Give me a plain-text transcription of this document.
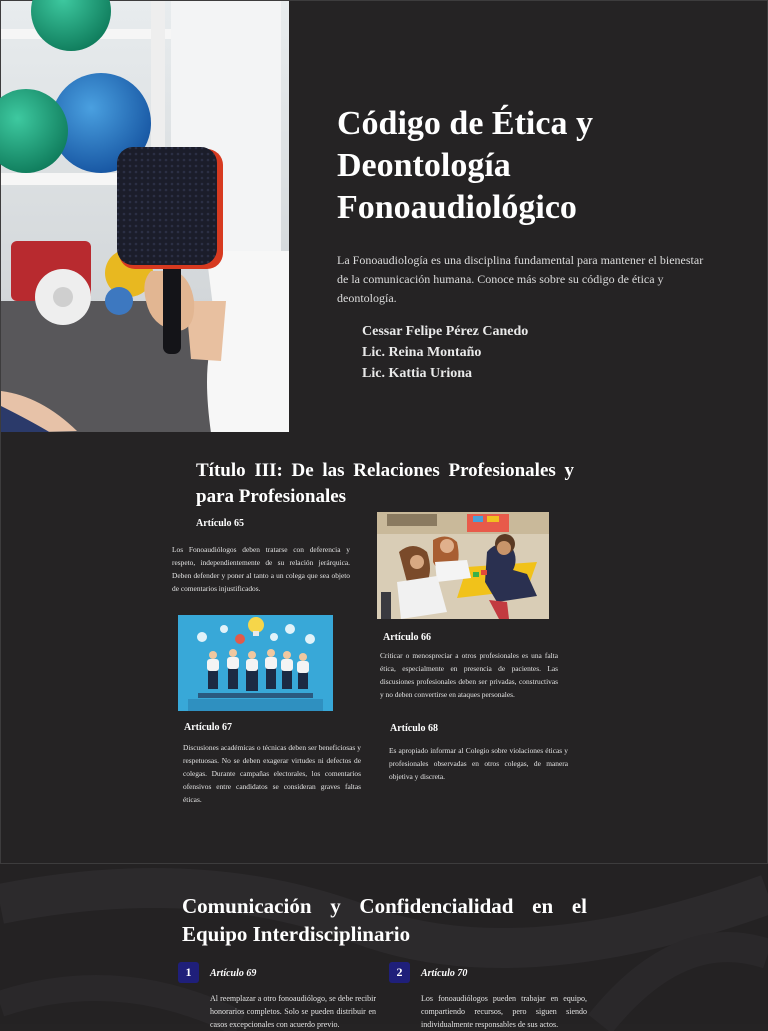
Código de Ética y
Deontología
Fonoaudiológico

La Fonoaudiología es una disciplina fundamental para mantener el bienestar de la comunicación humana. Conoce más sobre su código de ética y deontología.

Cessar Felipe Pérez Canedo
Lic. Reina Montaño
Lic. Kattia Uriona
Título III: De las Relaciones Profesionales y para Profesionales
Artículo 65

Los Fonoaudiólogos deben tratarse con deferencia y respeto, independientemente de su relación jerárquica. Deben defender y poner al tanto a un colega que sea objeto de comentarios injustificados.

Artículo 66

Criticar o menospreciar a otros profesionales es una falta ética, especialmente en presencia de pacientes. Las discusiones profesionales deben ser privadas, constructivas y no deben convertirse en ataques personales.

Artículo 67

Discusiones académicas o técnicas deben ser beneficiosas y respetuosas. No se deben exagerar virtudes ni defectos de colegas. Durante campañas electorales, los comentarios ofensivos entre candidatos se consideran graves faltas éticas.

Artículo 68

Es apropiado informar al Colegio sobre violaciones éticas y profesionales observadas en otros colegas, de manera objetiva y discreta.

Comunicación y Confidencialidad en el Equipo Interdisciplinario
1	Artículo 69

Al reemplazar a otro fonoaudiólogo, se debe recibir honorarios completos. Solo se pueden distribuir en casos excepcionales con acuerdo previo.

2	Artículo 70

Los fonoaudiólogos pueden trabajar en equipo, compartiendo recursos, pero siguen siendo individualmente responsables de sus actos.
